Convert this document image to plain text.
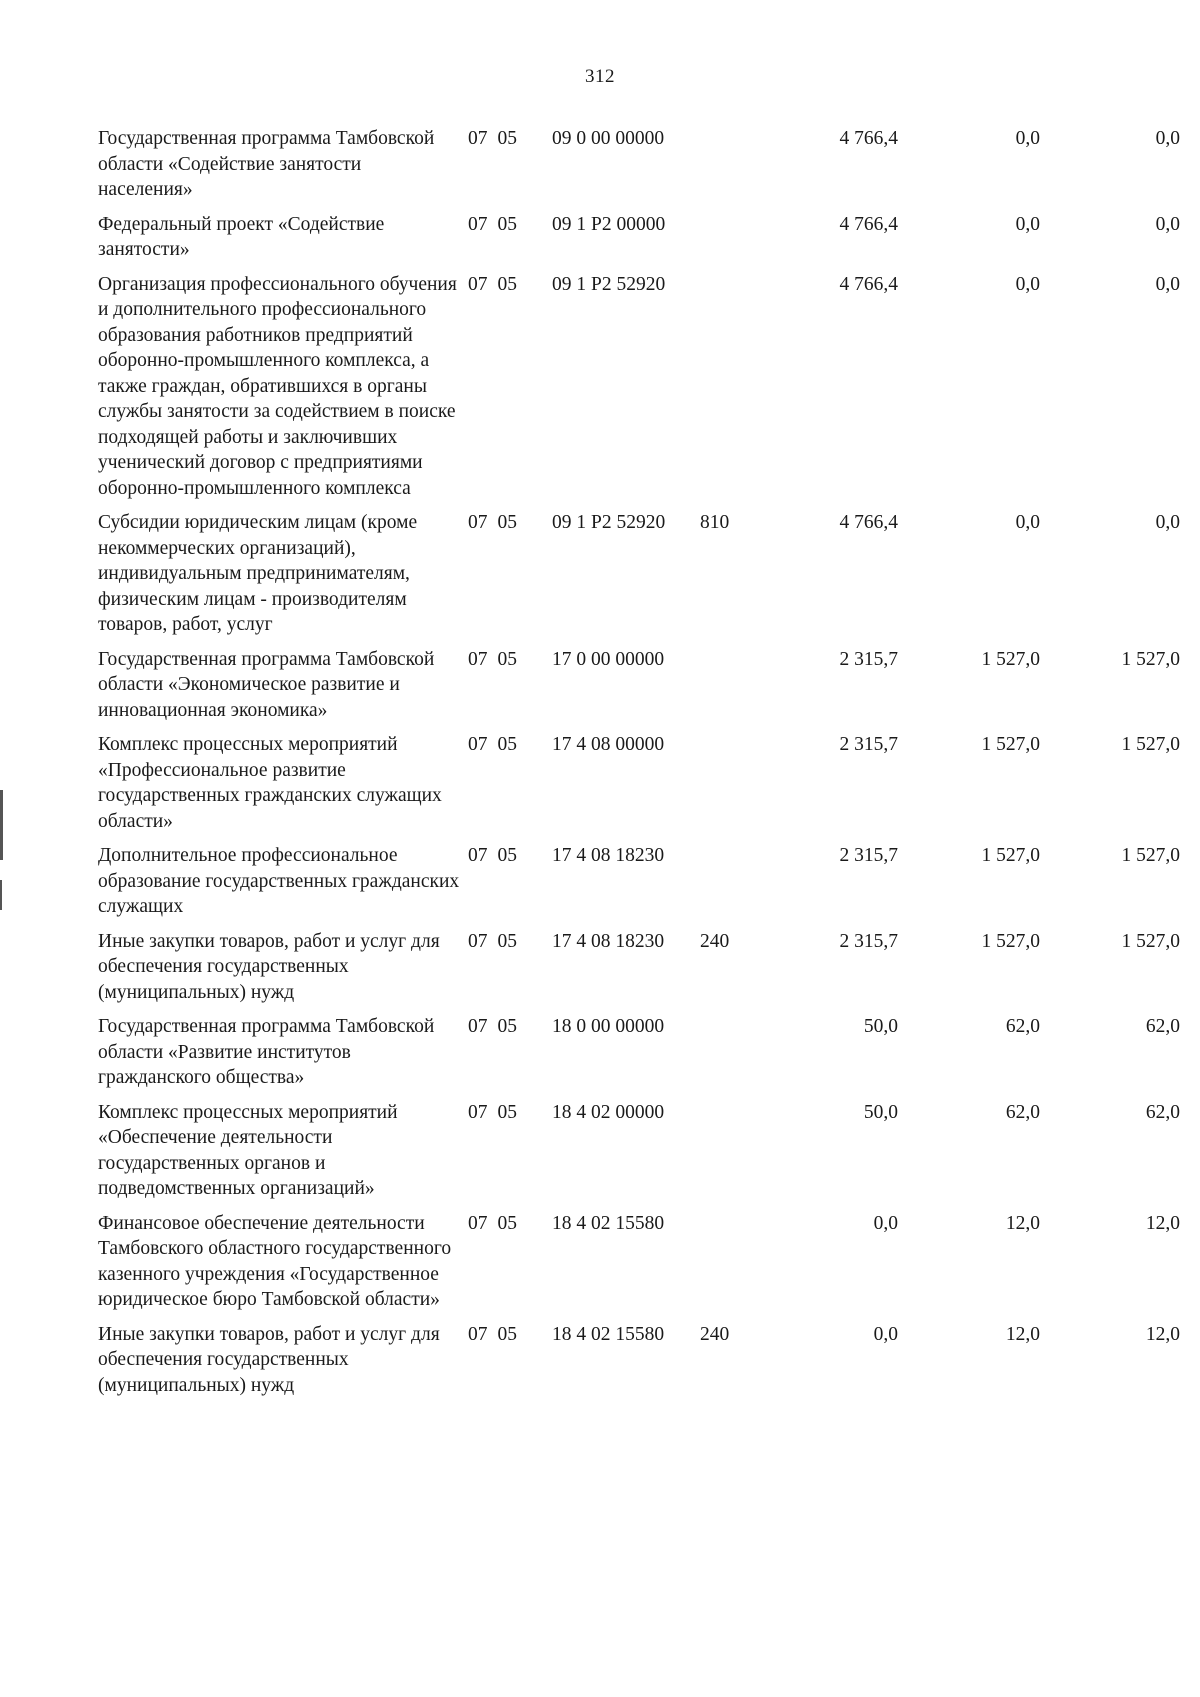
312
Государственная программа Тамбовской области «Содействие занятости населения»	07 05	09 0 00 00000		4 766,4	0,0	0,0
Федеральный проект «Содействие занятости»	07 05	09 1 P2 00000		4 766,4	0,0	0,0
Организация профессионального обучения и дополнительного профессионального образования работников предприятий оборонно-промышленного комплекса, а также граждан, обратившихся в органы службы занятости за содействием в поиске подходящей работы и заключивших ученический договор с предприятиями оборонно-промышленного комплекса	07 05	09 1 P2 52920		4 766,4	0,0	0,0
Субсидии юридическим лицам (кроме некоммерческих организаций), индивидуальным предпринимателям, физическим лицам - производителям товаров, работ, услуг	07 05	09 1 P2 52920	810	4 766,4	0,0	0,0
Государственная программа Тамбовской области «Экономическое развитие и инновационная экономика»	07 05	17 0 00 00000		2 315,7	1 527,0	1 527,0
Комплекс процессных мероприятий «Профессиональное развитие государственных гражданских служащих области»	07 05	17 4 08 00000		2 315,7	1 527,0	1 527,0
Дополнительное профессиональное образование государственных гражданских служащих	07 05	17 4 08 18230		2 315,7	1 527,0	1 527,0
Иные закупки товаров, работ и услуг для обеспечения государственных (муниципальных) нужд	07 05	17 4 08 18230	240	2 315,7	1 527,0	1 527,0
Государственная программа Тамбовской области «Развитие институтов гражданского общества»	07 05	18 0 00 00000		50,0	62,0	62,0
Комплекс процессных мероприятий «Обеспечение деятельности государственных органов и подведомственных организаций»	07 05	18 4 02 00000		50,0	62,0	62,0
Финансовое обеспечение деятельности Тамбовского областного государственного казенного учреждения «Государственное юридическое бюро Тамбовской области»	07 05	18 4 02 15580		0,0	12,0	12,0
Иные закупки товаров, работ и услуг для обеспечения государственных (муниципальных) нужд	07 05	18 4 02 15580	240	0,0	12,0	12,0
